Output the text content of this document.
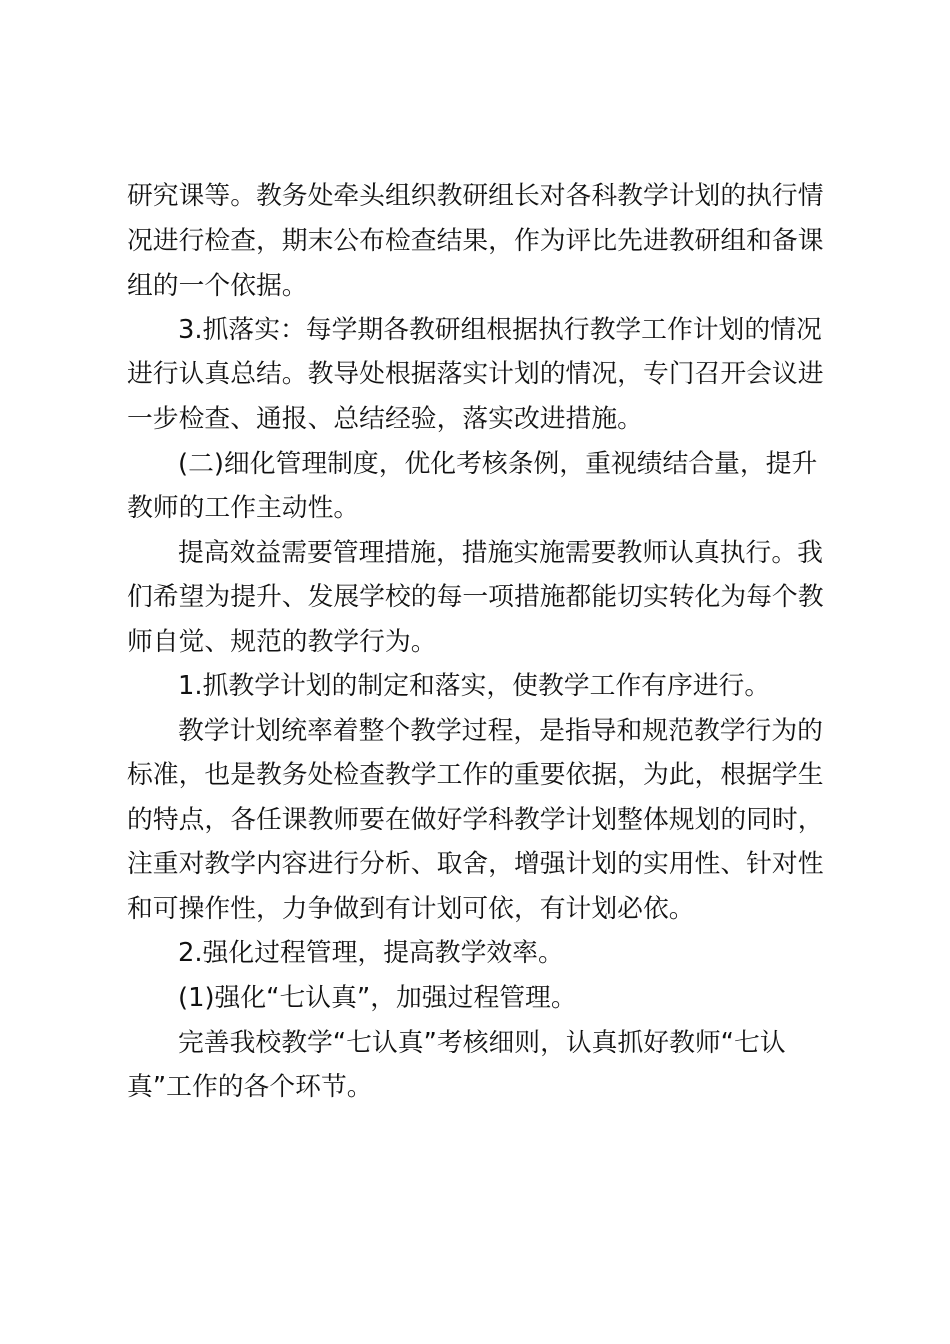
研究课等。教务处牵头组织教研组长对各科教学计划的执行情

况进行检查，期末公布检查结果，作为评比先进教研组和备课

组的一个依据。

3.抓落实：每学期各教研组根据执行教学工作计划的情况

进行认真总结。教导处根据落实计划的情况，专门召开会议进

一步检查、通报、总结经验，落实改进措施。

(二)细化管理制度，优化考核条例，重视绩结合量，提升

教师的工作主动性。

提高效益需要管理措施，措施实施需要教师认真执行。我

们希望为提升、发展学校的每一项措施都能切实转化为每个教

师自觉、规范的教学行为。

1.抓教学计划的制定和落实，使教学工作有序进行。

教学计划统率着整个教学过程，是指导和规范教学行为的

标准，也是教务处检查教学工作的重要依据，为此，根据学生

的特点，各任课教师要在做好学科教学计划整体规划的同时，

注重对教学内容进行分析、取舍，增强计划的实用性、针对性

和可操作性，力争做到有计划可依，有计划必依。

2.强化过程管理，提高教学效率。

(1)强化“七认真”，加强过程管理。

完善我校教学“七认真”考核细则，认真抓好教师“七认

真”工作的各个环节。
